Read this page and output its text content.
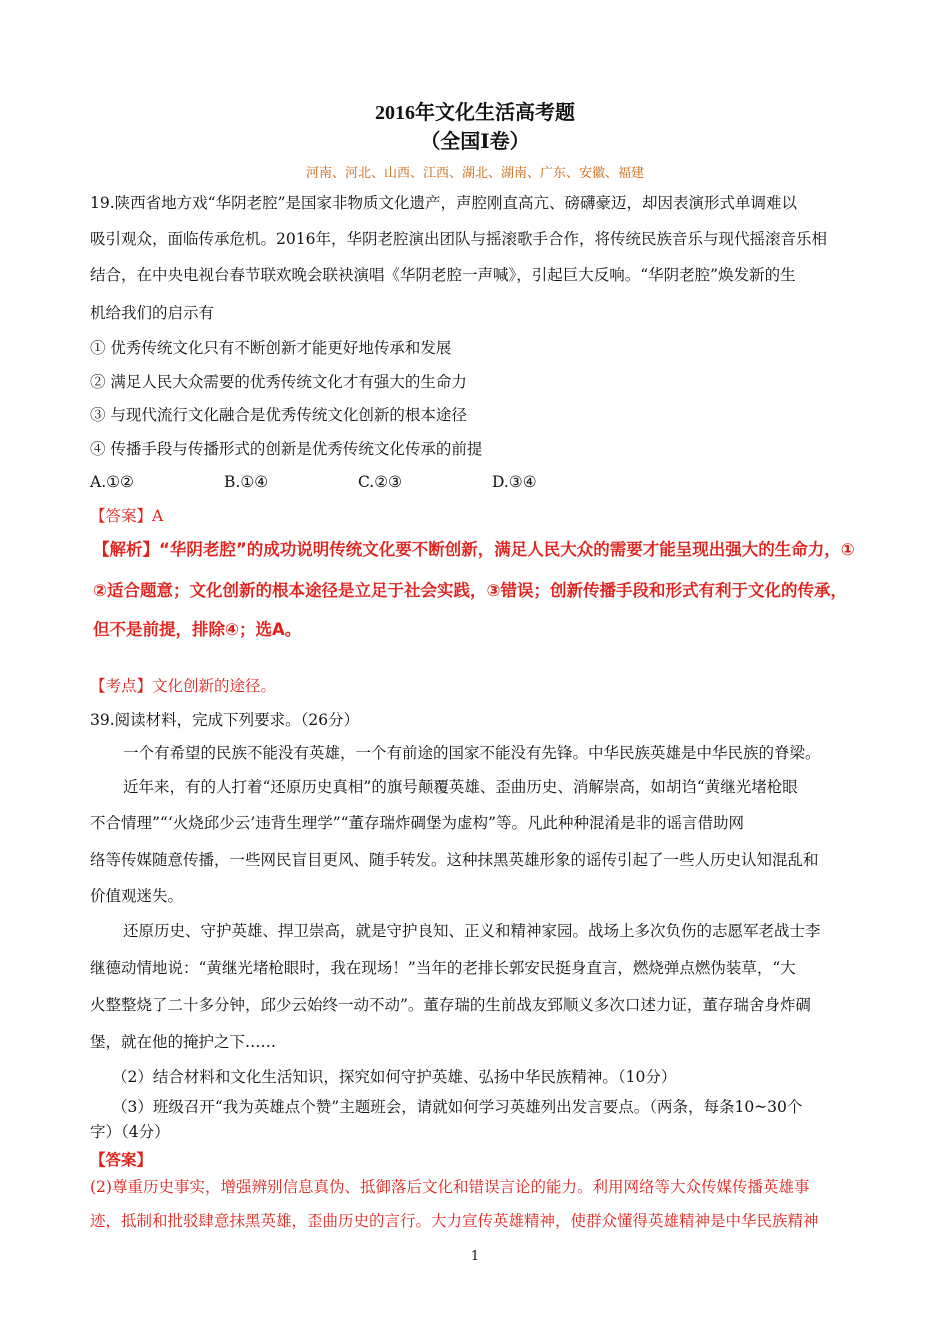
2016年文化生活高考题
（全国Ⅰ卷）
河南、河北、山西、江西、湖北、湖南、广东、安徽、福建
19.陕西省地方戏“华阴老腔”是国家非物质文化遗产，声腔刚直高亢、磅礴豪迈，却因表演形式单调难以
吸引观众，面临传承危机。2016年，华阴老腔演出团队与摇滚歌手合作，将传统民族音乐与现代摇滚音乐相
结合，在中央电视台春节联欢晚会联袂演唱《华阴老腔一声喊》，引起巨大反响。“华阴老腔”焕发新的生
机给我们的启示有
① 优秀传统文化只有不断创新才能更好地传承和发展
② 满足人民大众需要的优秀传统文化才有强大的生命力
③ 与现代流行文化融合是优秀传统文化创新的根本途径
④ 传播手段与传播形式的创新是优秀传统文化传承的前提
A.①②	B.①④	C.②③	D.③④
【答案】A
【解析】“华阴老腔”的成功说明传统文化要不断创新，满足人民大众的需要才能呈现出强大的生命力，①
②适合题意；文化创新的根本途径是立足于社会实践，③错误；创新传播手段和形式有利于文化的传承，
但不是前提，排除④；选A。
【考点】文化创新的途径。
39.阅读材料，完成下列要求。（26分）
一个有希望的民族不能没有英雄，一个有前途的国家不能没有先锋。中华民族英雄是中华民族的脊梁。
近年来，有的人打着“还原历史真相”的旗号颠覆英雄、歪曲历史、消解崇高，如胡诌“黄继光堵枪眼
不合情理”“‘火烧邱少云’违背生理学”“董存瑞炸碉堡为虚构”等。凡此种种混淆是非的谣言借助网
络等传媒随意传播，一些网民盲目更风、随手转发。这种抹黑英雄形象的谣传引起了一些人历史认知混乱和
价值观迷失。
还原历史、守护英雄、捍卫崇高，就是守护良知、正义和精神家园。战场上多次负伤的志愿军老战士李
继德动情地说：“黄继光堵枪眼时，我在现场！”当年的老排长郭安民挺身直言，燃烧弹点燃伪装草，“大
火整整烧了二十多分钟，邱少云始终一动不动”。董存瑞的生前战友郅顺义多次口述力证，董存瑞舍身炸碉
堡，就在他的掩护之下……
（2）结合材料和文化生活知识，探究如何守护英雄、弘扬中华民族精神。（10分）
（3）班级召开“我为英雄点个赞”主题班会，请就如何学习英雄列出发言要点。（两条，每条10~30个
字）（4分）
【答案】
(2)尊重历史事实，增强辨别信息真伪、抵御落后文化和错误言论的能力。利用网络等大众传媒传播英雄事
迹，抵制和批驳肆意抹黑英雄，歪曲历史的言行。大力宣传英雄精神，使群众懂得英雄精神是中华民族精神
1
